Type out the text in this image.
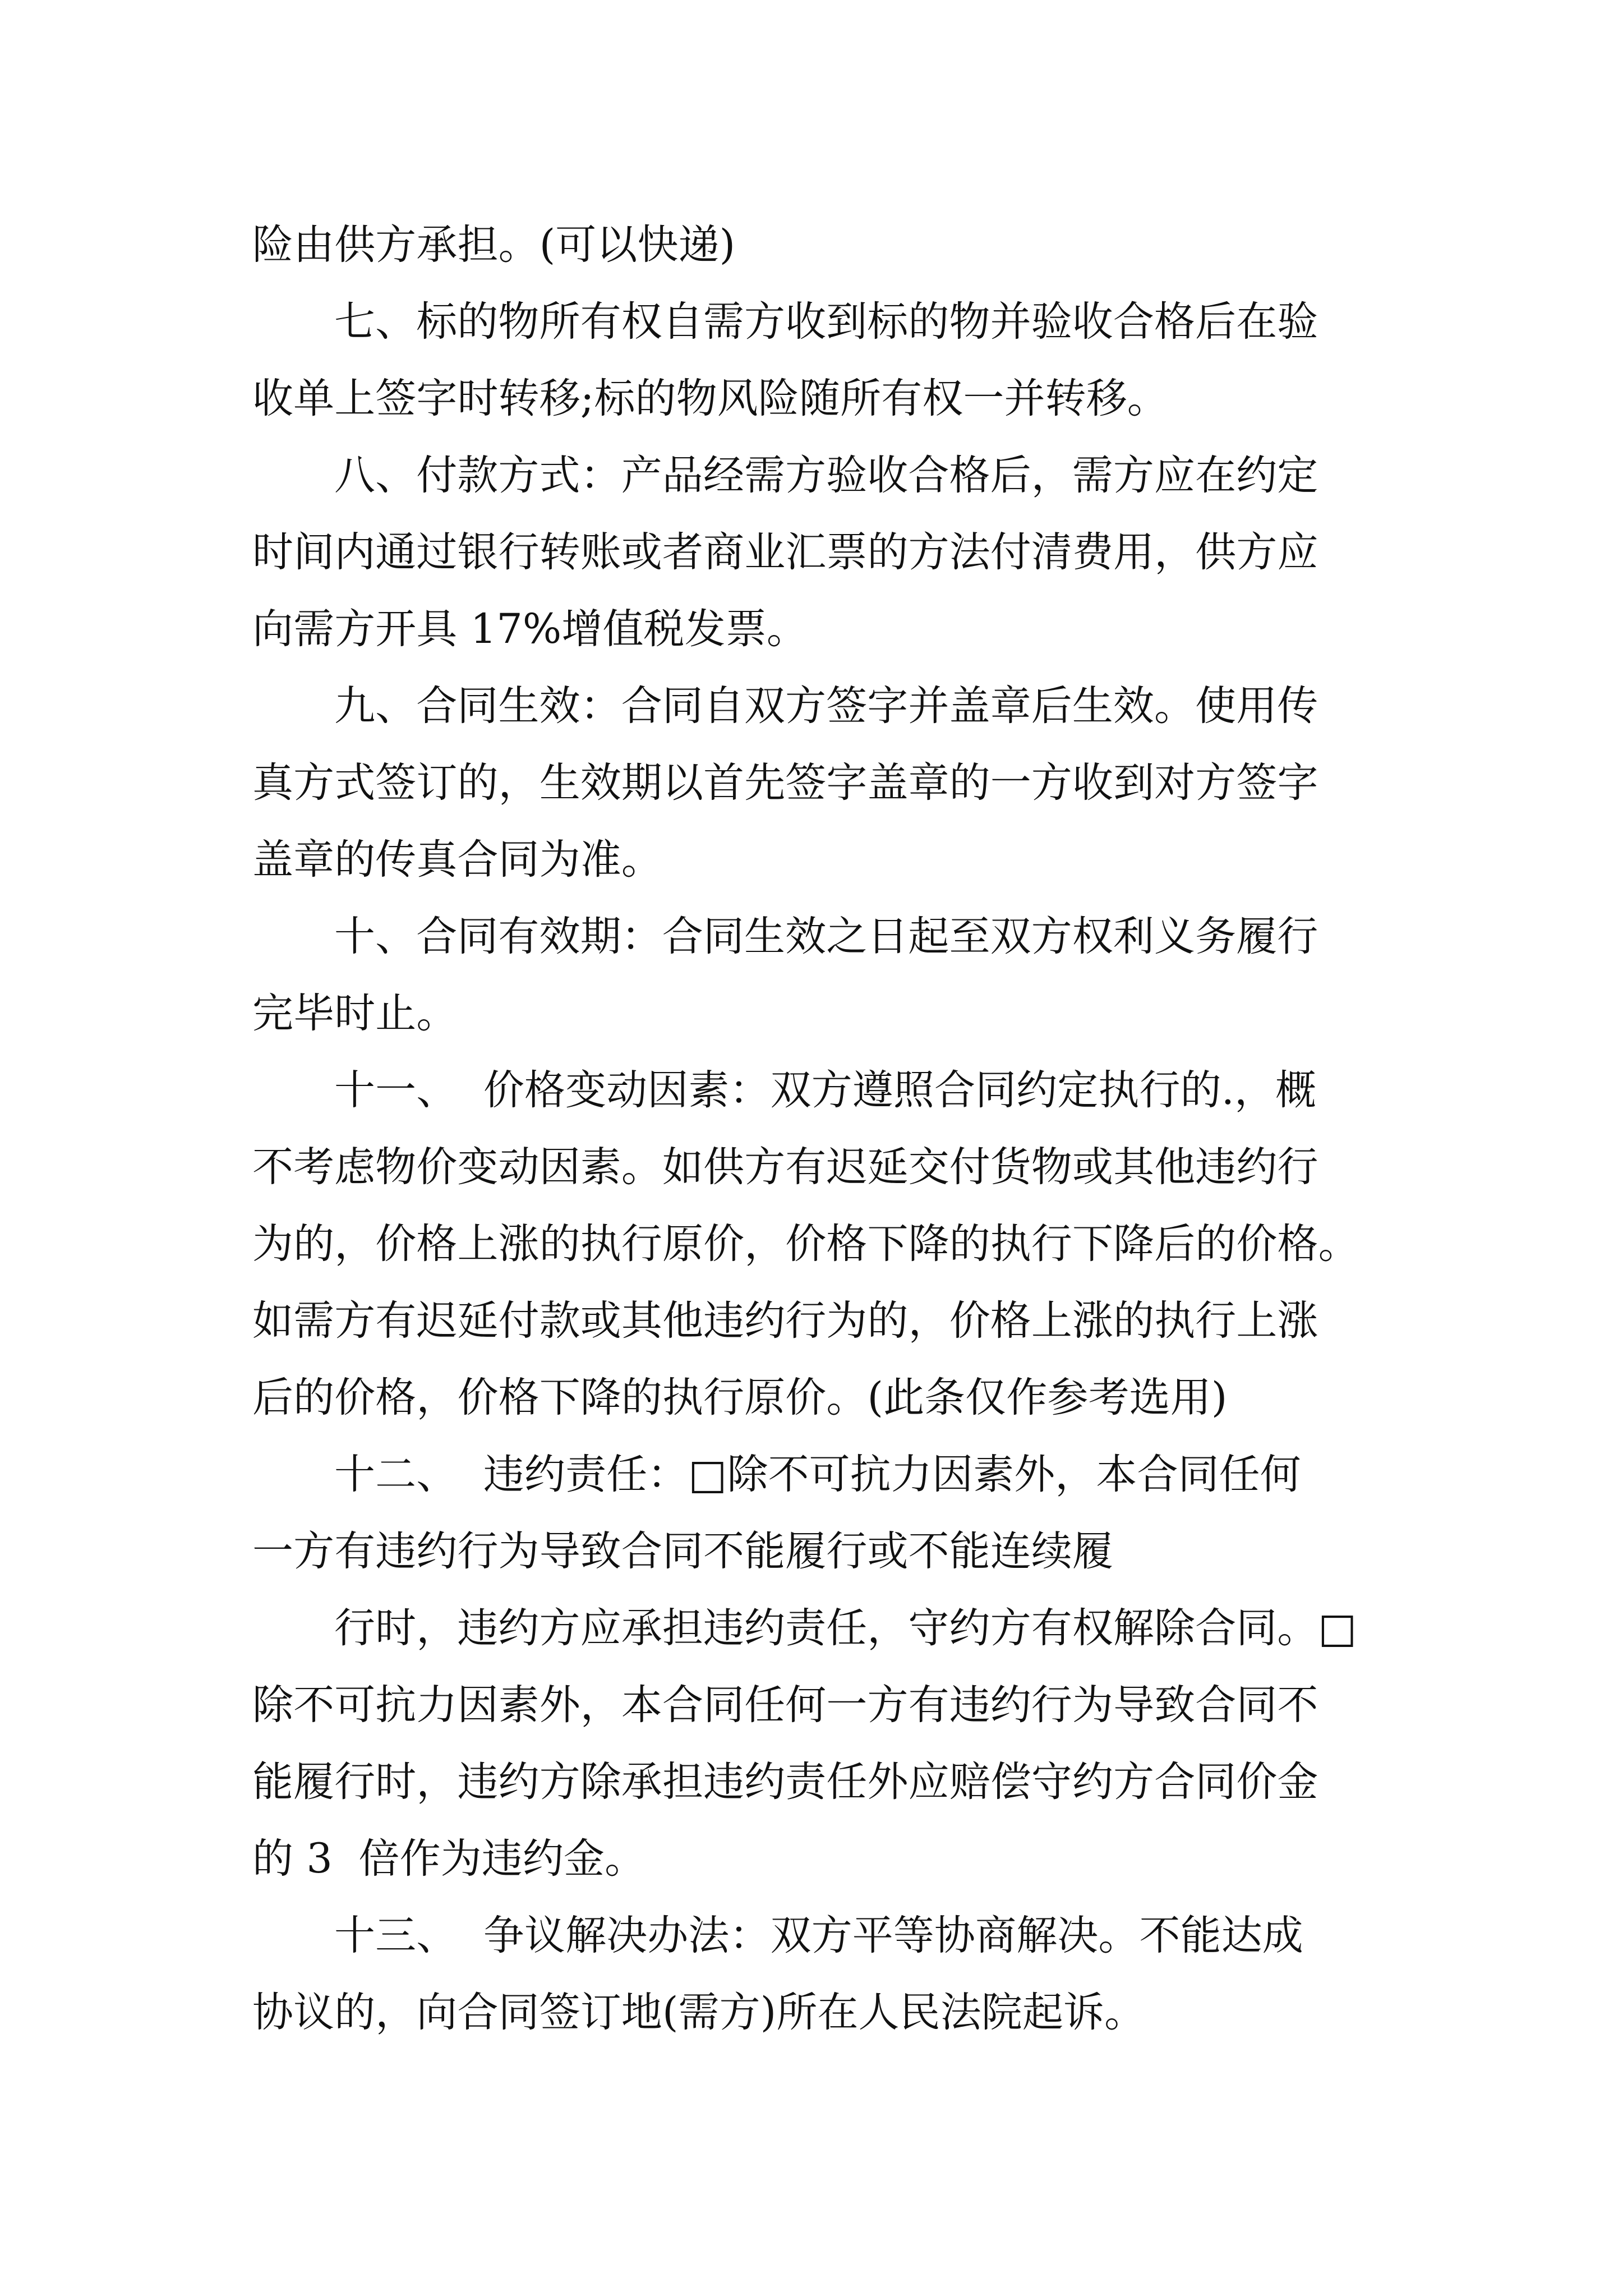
险由供方承担。(可以快递)
七、标的物所有权自需方收到标的物并验收合格后在验
收单上签字时转移;标的物风险随所有权一并转移。
八、付款方式：产品经需方验收合格后，需方应在约定
时间内通过银行转账或者商业汇票的方法付清费用，供方应
向需方开具 17%增值税发票。
九、合同生效：合同自双方签字并盖章后生效。使用传
真方式签订的，生效期以首先签字盖章的一方收到对方签字
盖章的传真合同为准。
十、合同有效期：合同生效之日起至双方权利义务履行
完毕时止。
十一、  价格变动因素：双方遵照合同约定执行的.，概
不考虑物价变动因素。如供方有迟延交付货物或其他违约行
为的，价格上涨的执行原价，价格下降的执行下降后的价格。
如需方有迟延付款或其他违约行为的，价格上涨的执行上涨
后的价格，价格下降的执行原价。(此条仅作参考选用)
十二、  违约责任：□除不可抗力因素外，本合同任何
一方有违约行为导致合同不能履行或不能连续履
行时，违约方应承担违约责任，守约方有权解除合同。□
除不可抗力因素外，本合同任何一方有违约行为导致合同不
能履行时，违约方除承担违约责任外应赔偿守约方合同价金
的 3  倍作为违约金。
十三、  争议解决办法：双方平等协商解决。不能达成
协议的，向合同签订地(需方)所在人民法院起诉。
